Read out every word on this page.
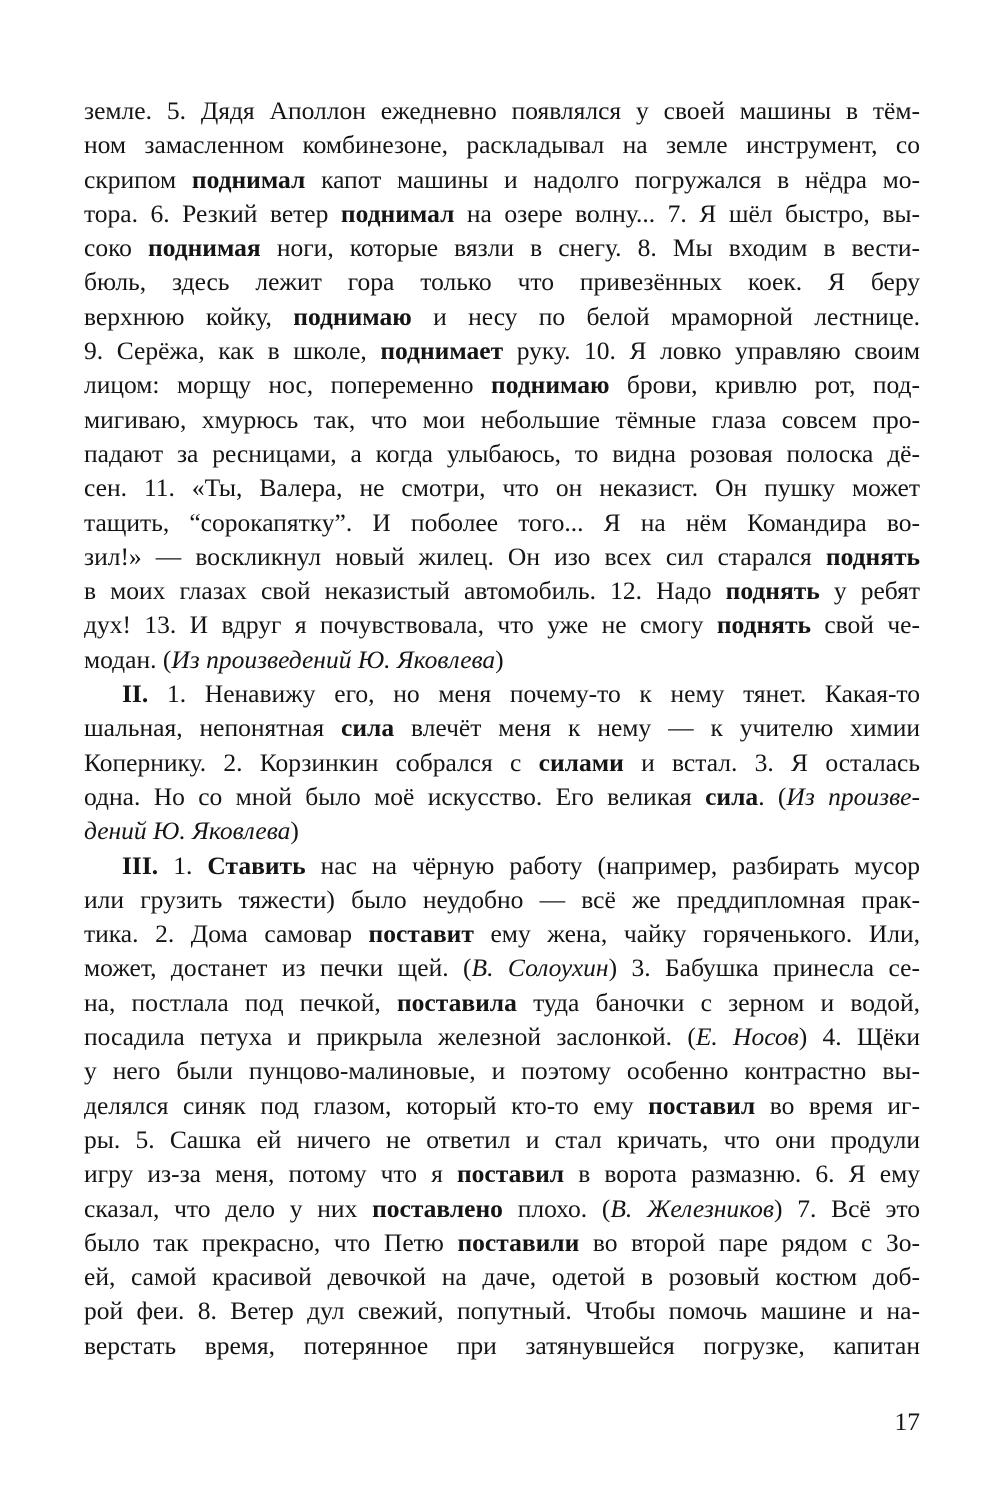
земле. 5. Дядя Аполлон ежедневно появлялся у своей машины в тём-
ном замасленном комбинезоне, раскладывал на земле инструмент, со
скрипом поднимал капот машины и надолго погружался в нёдра мо-
тора. 6. Резкий ветер поднимал на озере волну... 7. Я шёл быстро, вы-
соко поднимая ноги, которые вязли в снегу. 8. Мы входим в вести-
бюль, здесь лежит гора только что привезённых коек. Я беру
верхнюю койку, поднимаю и несу по белой мраморной лестнице.
9. Серёжа, как в школе, поднимает руку. 10. Я ловко управляю своим
лицом: морщу нос, попеременно поднимаю брови, кривлю рот, под-
мигиваю, хмурюсь так, что мои небольшие тёмные глаза совсем про-
падают за ресницами, а когда улыбаюсь, то видна розовая полоска дё-
сен. 11. «Ты, Валера, не смотри, что он неказист. Он пушку может
тащить, “сорокапятку”. И поболее того... Я на нём Командира во-
зил!» — воскликнул новый жилец. Он изо всех сил старался поднять
в моих глазах свой неказистый автомобиль. 12. Надо поднять у ребят
дух! 13. И вдруг я почувствовала, что уже не смогу поднять свой че-
модан. (Из произведений Ю. Яковлева)
II. 1. Ненавижу его, но меня почему-то к нему тянет. Какая-то
шальная, непонятная сила влечёт меня к нему — к учителю химии
Копернику. 2. Корзинкин собрался с силами и встал. 3. Я осталась
одна. Но со мной было моё искусство. Его великая сила. (Из произве-
дений Ю. Яковлева)
III. 1. Ставить нас на чёрную работу (например, разбирать мусор
или грузить тяжести) было неудобно — всё же преддипломная прак-
тика. 2. Дома самовар поставит ему жена, чайку горяченького. Или,
может, достанет из печки щей. (В. Солоухин) 3. Бабушка принесла се-
на, постлала под печкой, поставила туда баночки с зерном и водой,
посадила петуха и прикрыла железной заслонкой. (Е. Носов) 4. Щёки
у него были пунцово-малиновые, и поэтому особенно контрастно вы-
делялся синяк под глазом, который кто-то ему поставил во время иг-
ры. 5. Сашка ей ничего не ответил и стал кричать, что они продули
игру из-за меня, потому что я поставил в ворота размазню. 6. Я ему
сказал, что дело у них поставлено плохо. (В. Железников) 7. Всё это
было так прекрасно, что Петю поставили во второй паре рядом с Зо-
ей, самой красивой девочкой на даче, одетой в розовый костюм доб-
рой феи. 8. Ветер дул свежий, попутный. Чтобы помочь машине и на-
верстать время, потерянное при затянувшейся погрузке, капитан
17
